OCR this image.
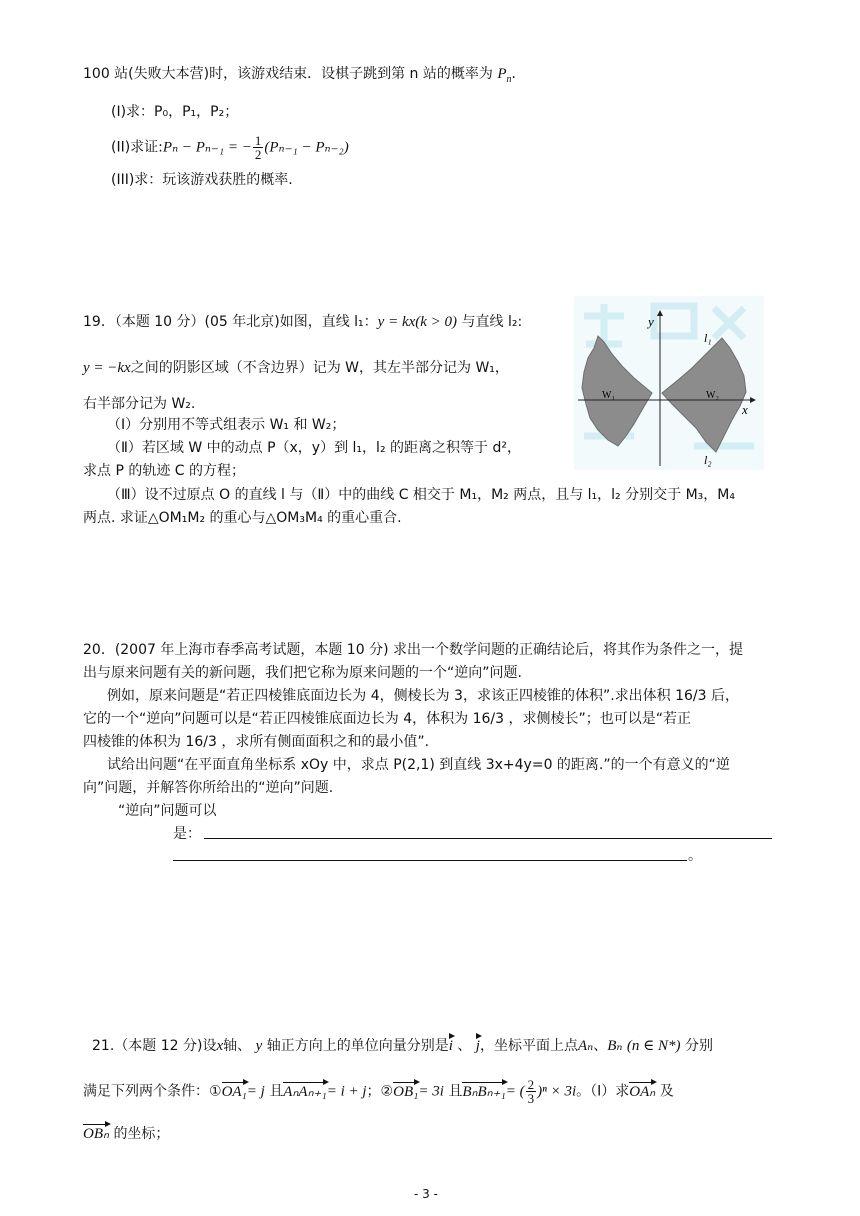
100 站(失败大本营)时，该游戏结束．设棋子跳到第 n 站的概率为 $P_n$．
(Ⅰ)求：P₀，P₁，P₂；
(II)求证:Pₙ − Pₙ₋₁ = − $\frac{1}{2} (P_{n-1} - P_{n-2})$
(III)求：玩该游戏获胜的概率.
19．（本题 10 分）(05 年北京)如图，直线 l₁：y = kx(k > 0) 与直线 l₂:
y = −kx之间的阴影区域（不含边界）记为 W，其左半部分记为 W₁，
右半部分记为 W₂.
（Ⅰ）分别用不等式组表示 W₁ 和 W₂；
（Ⅱ）若区域 W 中的动点 P（x，y）到 l₁，l₂ 的距离之积等于 d²，
求点 P 的轨迹 C 的方程；
（Ⅲ）设不过原点 O 的直线 l 与（Ⅱ）中的曲线 C 相交于 M₁，M₂ 两点，且与 l₁，l₂ 分别交于 M₃，M₄
两点. 求证△OM₁M₂ 的重心与△OM₃M₄ 的重心重合.
y
x
l₁
l₂
W₁	W₂
20．(2007 年上海市春季高考试题，本题 10 分) 求出一个数学问题的正确结论后，将其作为条件之一，提
出与原来问题有关的新问题，我们把它称为原来问题的一个“逆向”问题.
例如，原来问题是“若正四棱锥底面边长为 4，侧棱长为 3，求该正四棱锥的体积”.求出体积 16/3 后，
它的一个“逆向”问题可以是“若正四棱锥底面边长为 4，体积为 16/3 ，求侧棱长”；也可以是“若正
四棱锥的体积为 16/3 ，求所有侧面面积之和的最小值”.
试给出问题“在平面直角坐标系 xOy 中，求点 P(2,1) 到直线 3x+4y=0 的距离.”的一个有意义的“逆
向”问题，并解答你所给出的“逆向”问题.
“逆向”问题可以
是：
。
21.（本题 12 分)设x轴、 y 轴正方向上的单位向量分别是i 、 j，坐标平面上点Aₙ、Bₙ (n ∈ N*) 分别
满足下列两个条件：①OA₁= j 且AₙAₙ₊₁= i + j；②OB₁= 3i 且BₙBₙ₊₁= ( $\frac{2}{3} )^n \times 3i$。（Ⅰ）求OAₙ 及
OBₙ 的坐标；
- 3 -
